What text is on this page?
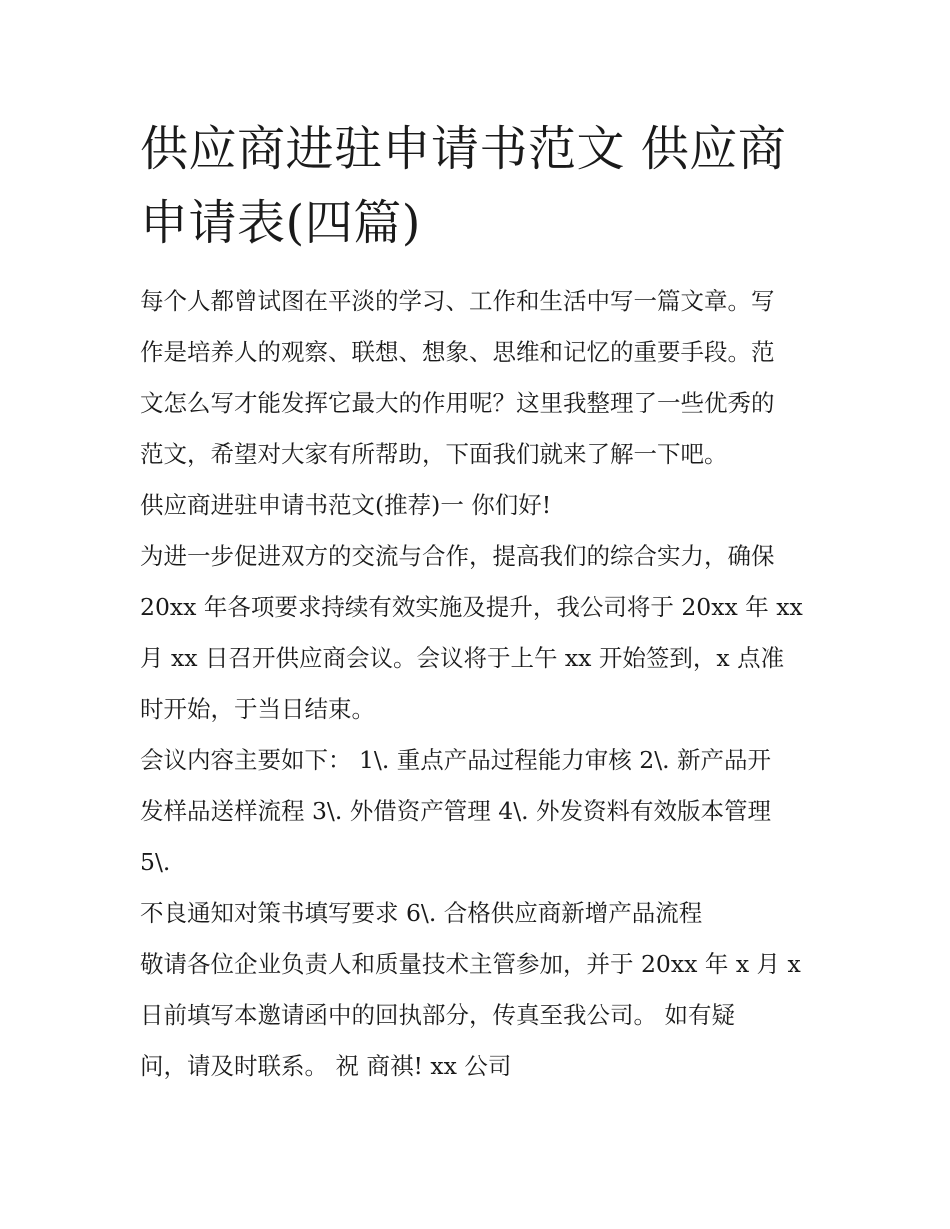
供应商进驻申请书范文 供应商
申请表(四篇)
每个人都曾试图在平淡的学习、工作和生活中写一篇文章。写
作是培养人的观察、联想、想象、思维和记忆的重要手段。范
文怎么写才能发挥它最大的作用呢？这里我整理了一些优秀的
范文，希望对大家有所帮助，下面我们就来了解一下吧。
供应商进驻申请书范文(推荐)一 你们好!
为进一步促进双方的交流与合作，提高我们的综合实力，确保
20xx 年各项要求持续有效实施及提升，我公司将于 20xx 年 xx
月 xx 日召开供应商会议。会议将于上午 xx 开始签到，x 点准
时开始，于当日结束。
会议内容主要如下： 1\. 重点产品过程能力审核 2\. 新产品开
发样品送样流程 3\. 外借资产管理 4\. 外发资料有效版本管理
5\.
不良通知对策书填写要求 6\. 合格供应商新增产品流程
敬请各位企业负责人和质量技术主管参加，并于 20xx 年 x 月 x
日前填写本邀请函中的回执部分，传真至我公司。 如有疑
问，请及时联系。 祝 商祺! xx 公司
